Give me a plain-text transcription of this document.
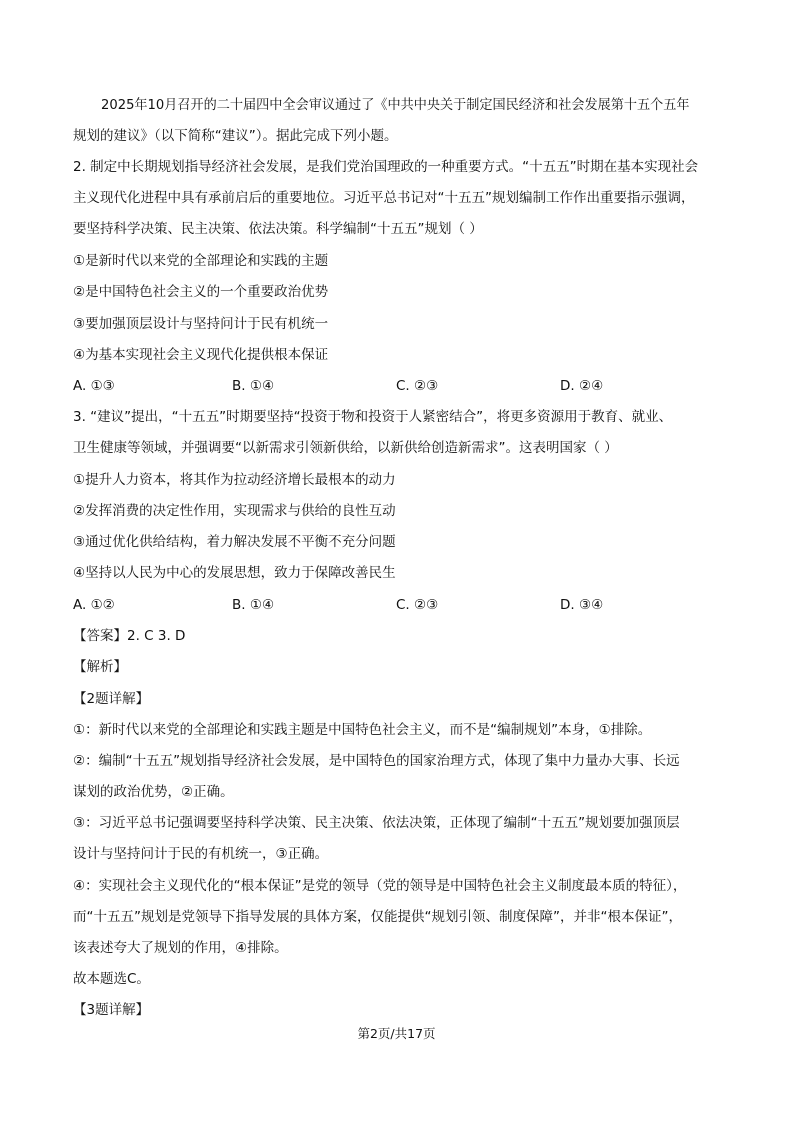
2025年10月召开的二十届四中全会审议通过了《中共中央关于制定国民经济和社会发展第十五个五年
规划的建议》（以下简称“建议”）。据此完成下列小题。
2. 制定中长期规划指导经济社会发展，是我们党治国理政的一种重要方式。“十五五”时期在基本实现社会
主义现代化进程中具有承前启后的重要地位。习近平总书记对“十五五”规划编制工作作出重要指示强调，
要坚持科学决策、民主决策、依法决策。科学编制“十五五”规划（ ）
①是新时代以来党的全部理论和实践的主题
②是中国特色社会主义的一个重要政治优势
③要加强顶层设计与坚持问计于民有机统一
④为基本实现社会主义现代化提供根本保证
A. ①③	B. ①④	C. ②③	D. ②④
3. “建议”提出，“十五五”时期要坚持“投资于物和投资于人紧密结合”，将更多资源用于教育、就业、
卫生健康等领域，并强调要“以新需求引领新供给，以新供给创造新需求”。这表明国家（ ）
①提升人力资本，将其作为拉动经济增长最根本的动力
②发挥消费的决定性作用，实现需求与供给的良性互动
③通过优化供给结构，着力解决发展不平衡不充分问题
④坚持以人民为中心的发展思想，致力于保障改善民生
A. ①②	B. ①④	C. ②③	D. ③④
【答案】2. C 3. D
【解析】
【2题详解】
①：新时代以来党的全部理论和实践主题是中国特色社会主义，而不是“编制规划”本身，①排除。
②：编制“十五五”规划指导经济社会发展，是中国特色的国家治理方式，体现了集中力量办大事、长远
谋划的政治优势，②正确。
③：习近平总书记强调要坚持科学决策、民主决策、依法决策，正体现了编制“十五五”规划要加强顶层
设计与坚持问计于民的有机统一，③正确。
④：实现社会主义现代化的“根本保证”是党的领导（党的领导是中国特色社会主义制度最本质的特征），
而“十五五”规划是党领导下指导发展的具体方案，仅能提供“规划引领、制度保障”，并非“根本保证”，
该表述夸大了规划的作用，④排除。
故本题选C。
【3题详解】
第2页/共17页
